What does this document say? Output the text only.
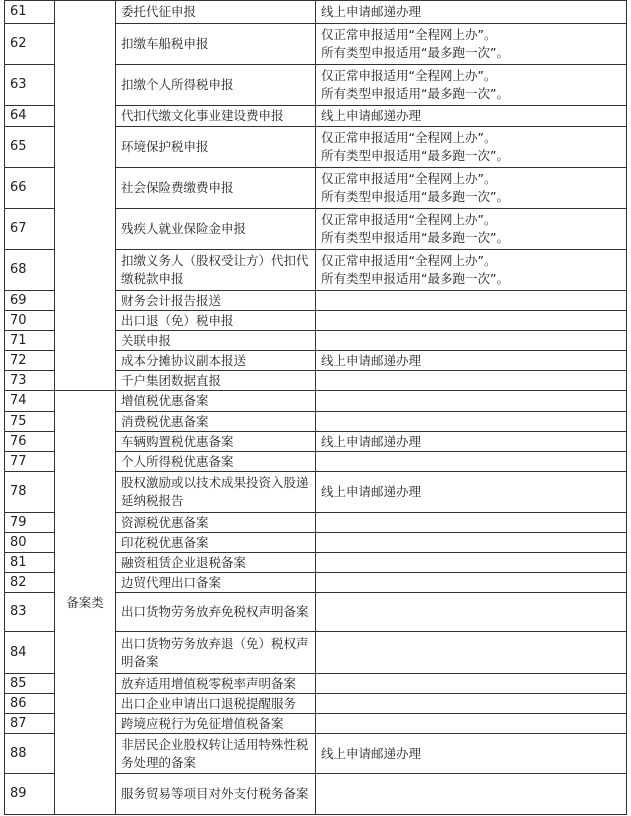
61		委托代征申报	线上申请邮递办理

62		扣缴车船税申报	仅正常申报适用“全程网上办”。
所有类型申报适用“最多跑一次”。

63		扣缴个人所得税申报	仅正常申报适用“全程网上办”。
所有类型申报适用“最多跑一次”。

64		代扣代缴文化事业建设费申报	线上申请邮递办理

65		环境保护税申报	仅正常申报适用“全程网上办”。
所有类型申报适用“最多跑一次”。

66		社会保险费缴费申报	仅正常申报适用“全程网上办”。
所有类型申报适用“最多跑一次”。

67		残疾人就业保险金申报	仅正常申报适用“全程网上办”。
所有类型申报适用“最多跑一次”。

68		扣缴义务人（股权受让方）代扣代缴税款申报	仅正常申报适用“全程网上办”。
所有类型申报适用“最多跑一次”。

69		财务会计报告报送	
70		出口退（免）税申报	
71		关联申报	
72		成本分摊协议副本报送	线上申请邮递办理

73		千户集团数据直报	
74	备案类	增值税优惠备案	
75		消费税优惠备案	
76		车辆购置税优惠备案	线上申请邮递办理

77		个人所得税优惠备案	
78		股权激励或以技术成果投资入股递延纳税报告	线上申请邮递办理

79		资源税优惠备案	
80		印花税优惠备案	
81		融资租赁企业退税备案	
82		边贸代理出口备案	
83		出口货物劳务放弃免税权声明备案	
84		出口货物劳务放弃退（免）税权声明备案	
85		放弃适用增值税零税率声明备案	
86		出口企业申请出口退税提醒服务	
87		跨境应税行为免征增值税备案	
88		非居民企业股权转让适用特殊性税务处理的备案	线上申请邮递办理

89		服务贸易等项目对外支付税务备案	
